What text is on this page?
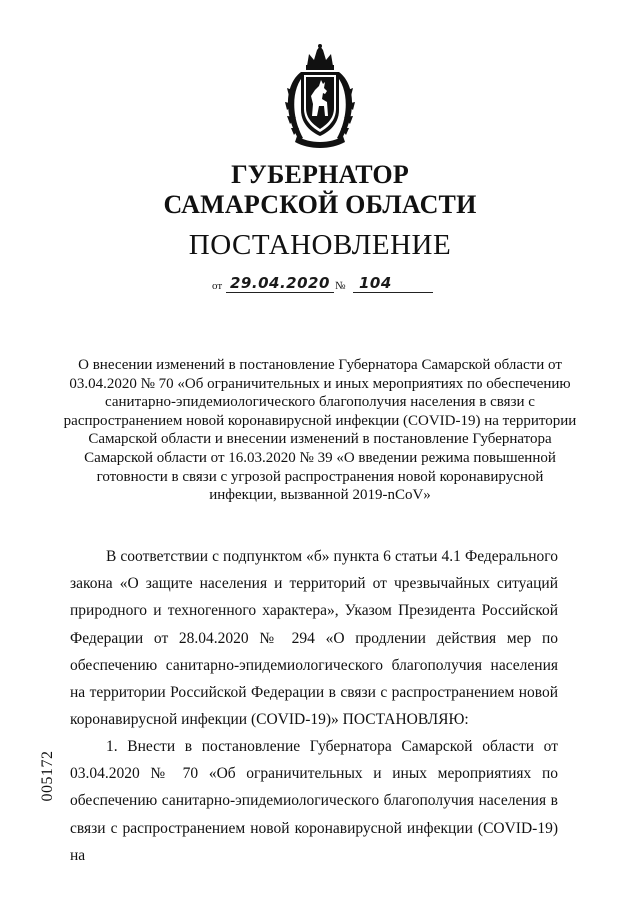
ГУБЕРНАТОР
САМАРСКОЙ ОБЛАСТИ
ПОСТАНОВЛЕНИЕ
от 29.04.2020 № 104
О внесении изменений в постановление Губернатора Самарской области от 03.04.2020 № 70 «Об ограничительных и иных мероприятиях по обеспечению санитарно-эпидемиологического благополучия населения в связи с распространением новой коронавирусной инфекции (COVID-19) на территории Самарской области и внесении изменений в постановление Губернатора Самарской области от 16.03.2020 № 39 «О введении режима повышенной готовности в связи с угрозой распространения новой коронавирусной инфекции, вызванной 2019-nCoV»
В соответствии с подпунктом «б» пункта 6 статьи 4.1 Федерального закона «О защите населения и территорий от чрезвычайных ситуаций природного и техногенного характера», Указом Президента Российской Федерации от 28.04.2020 № 294 «О продлении действия мер по обеспечению санитарно-эпидемиологического благополучия населения на территории Российской Федерации в связи с распространением новой коронавирусной инфекции (COVID-19)» ПОСТАНОВЛЯЮ:
1. Внести в постановление Губернатора Самарской области от 03.04.2020 № 70 «Об ограничительных и иных мероприятиях по обеспечению санитарно-эпидемиологического благополучия населения в связи с распространением новой коронавирусной инфекции (COVID-19) на
005172
